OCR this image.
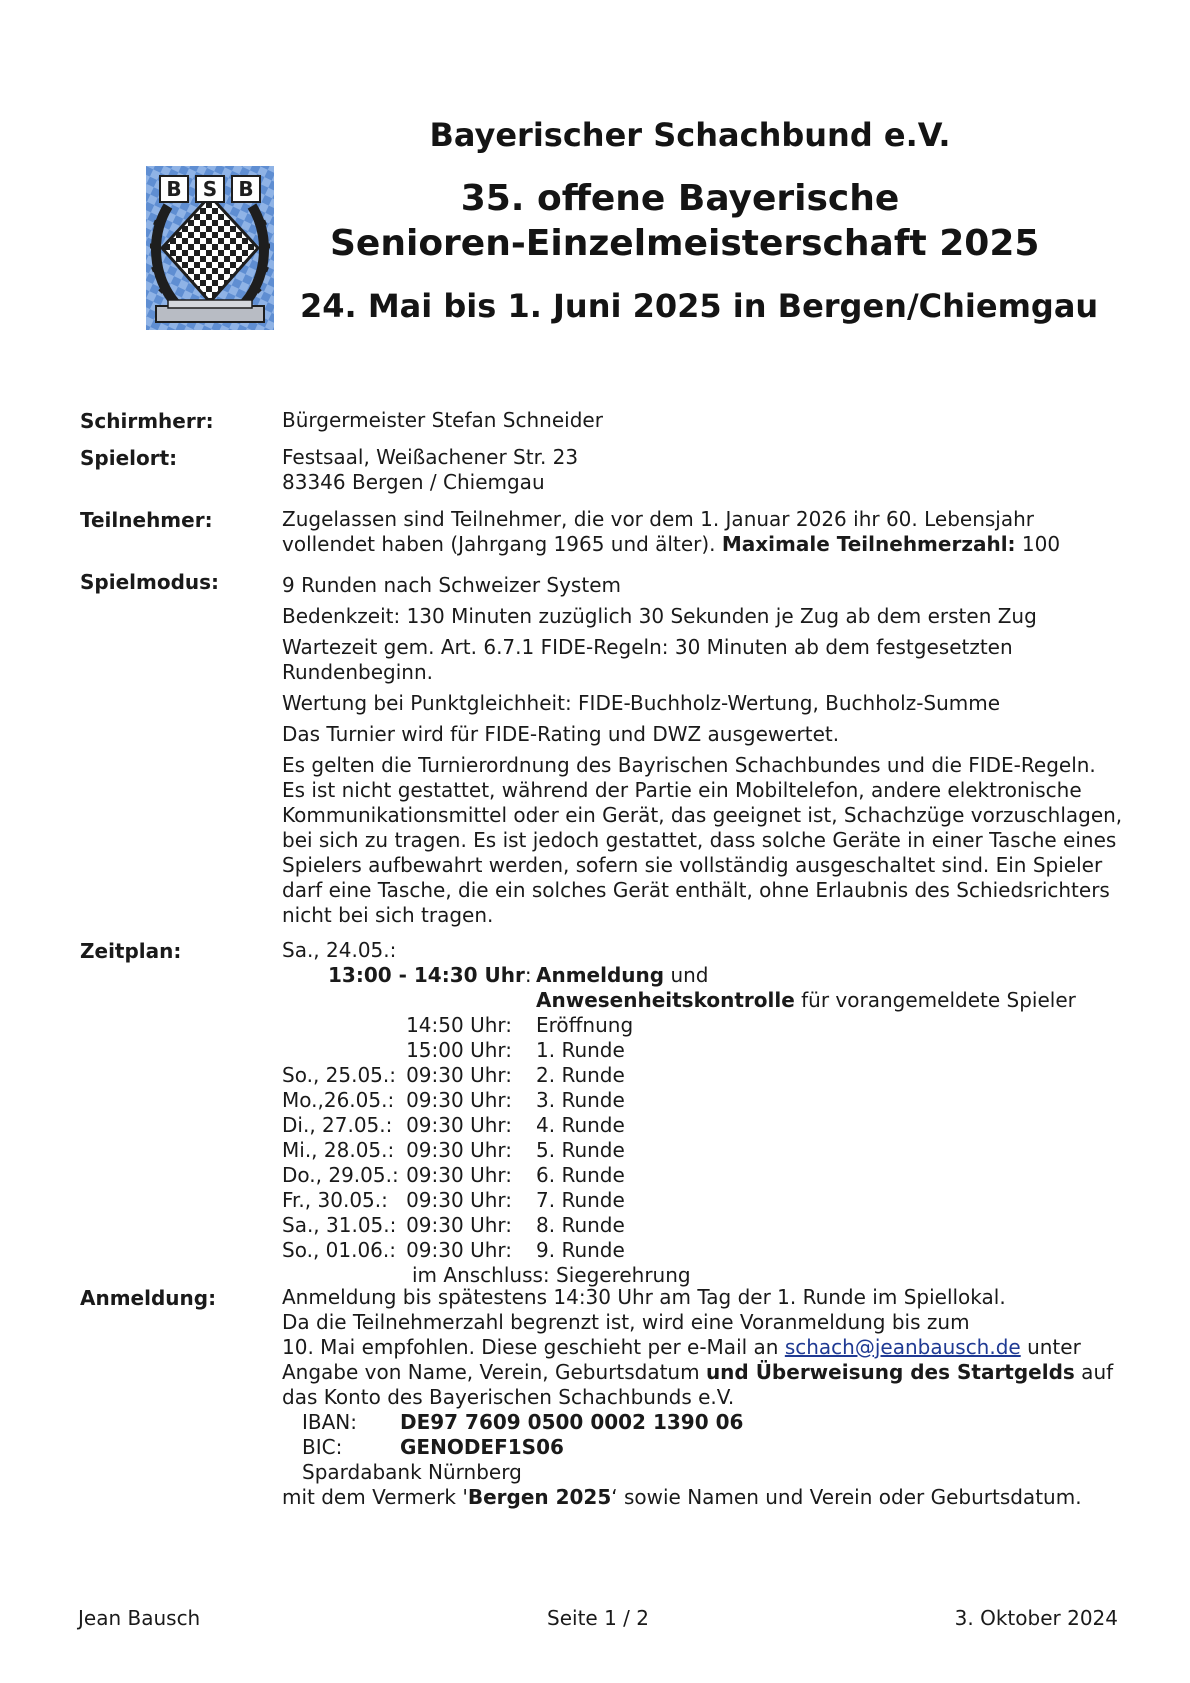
Bayerischer Schachbund e.V.
35. offene Bayerische
Senioren-Einzelmeisterschaft 2025
24. Mai bis 1. Juni 2025 in Bergen/Chiemgau
B	S	B
Schirmherr:	Bürgermeister Stefan Schneider
Spielort:	Festsaal, Weißachener Str. 23

83346 Bergen / Chiemgau

Teilnehmer:	Zugelassen sind Teilnehmer, die vor dem 1. Januar 2026 ihr 60. Lebensjahr

vollendet haben (Jahrgang 1965 und älter). Maximale Teilnehmerzahl: 100

Spielmodus:	9 Runden nach Schweizer System

Bedenkzeit: 130 Minuten zuzüglich 30 Sekunden je Zug ab dem ersten Zug

Wartezeit gem. Art. 6.7.1 FIDE-Regeln: 30 Minuten ab dem festgesetzten

Rundenbeginn.

Wertung bei Punktgleichheit: FIDE-Buchholz-Wertung, Buchholz-Summe

Das Turnier wird für FIDE-Rating und DWZ ausgewertet.

Es gelten die Turnierordnung des Bayrischen Schachbundes und die FIDE-Regeln.

Es ist nicht gestattet, während der Partie ein Mobiltelefon, andere elektronische

Kommunikationsmittel oder ein Gerät, das geeignet ist, Schachzüge vorzuschlagen,

bei sich zu tragen. Es ist jedoch gestattet, dass solche Geräte in einer Tasche eines

Spielers aufbewahrt werden, sofern sie vollständig ausgeschaltet sind. Ein Spieler

darf eine Tasche, die ein solches Gerät enthält, ohne Erlaubnis des Schiedsrichters

nicht bei sich tragen.

Zeitplan:	Sa., 24.05.:
13:00 - 14:30 Uhr: Anmeldung und
Anwesenheitskontrolle für vorangemeldete Spieler
14:50 Uhr: Eröffnung
15:00 Uhr: 1. Runde
So., 25.05.: 09:30 Uhr: 2. Runde
Mo.,26.05.: 09:30 Uhr: 3. Runde
Di., 27.05.: 09:30 Uhr: 4. Runde
Mi., 28.05.: 09:30 Uhr: 5. Runde
Do., 29.05.: 09:30 Uhr: 6. Runde
Fr., 30.05.: 09:30 Uhr: 7. Runde
Sa., 31.05.: 09:30 Uhr: 8. Runde
So., 01.06.: 09:30 Uhr: 9. Runde
im Anschluss: Siegerehrung
Anmeldung:	Anmeldung bis spätestens 14:30 Uhr am Tag der 1. Runde im Spiellokal.

Da die Teilnehmerzahl begrenzt ist, wird eine Voranmeldung bis zum

10. Mai empfohlen. Diese geschieht per e-Mail an schach@jeanbausch.de unter

Angabe von Name, Verein, Geburtsdatum und Überweisung des Startgelds auf

das Konto des Bayerischen Schachbunds e.V.

IBAN: DE97 7609 0500 0002 1390 06
BIC:	GENODEF1S06
Spardabank Nürnberg

mit dem Vermerk 'Bergen 2025‘ sowie Namen und Verein oder Geburtsdatum.

Jean Bausch	Seite 1 / 2	3. Oktober 2024
